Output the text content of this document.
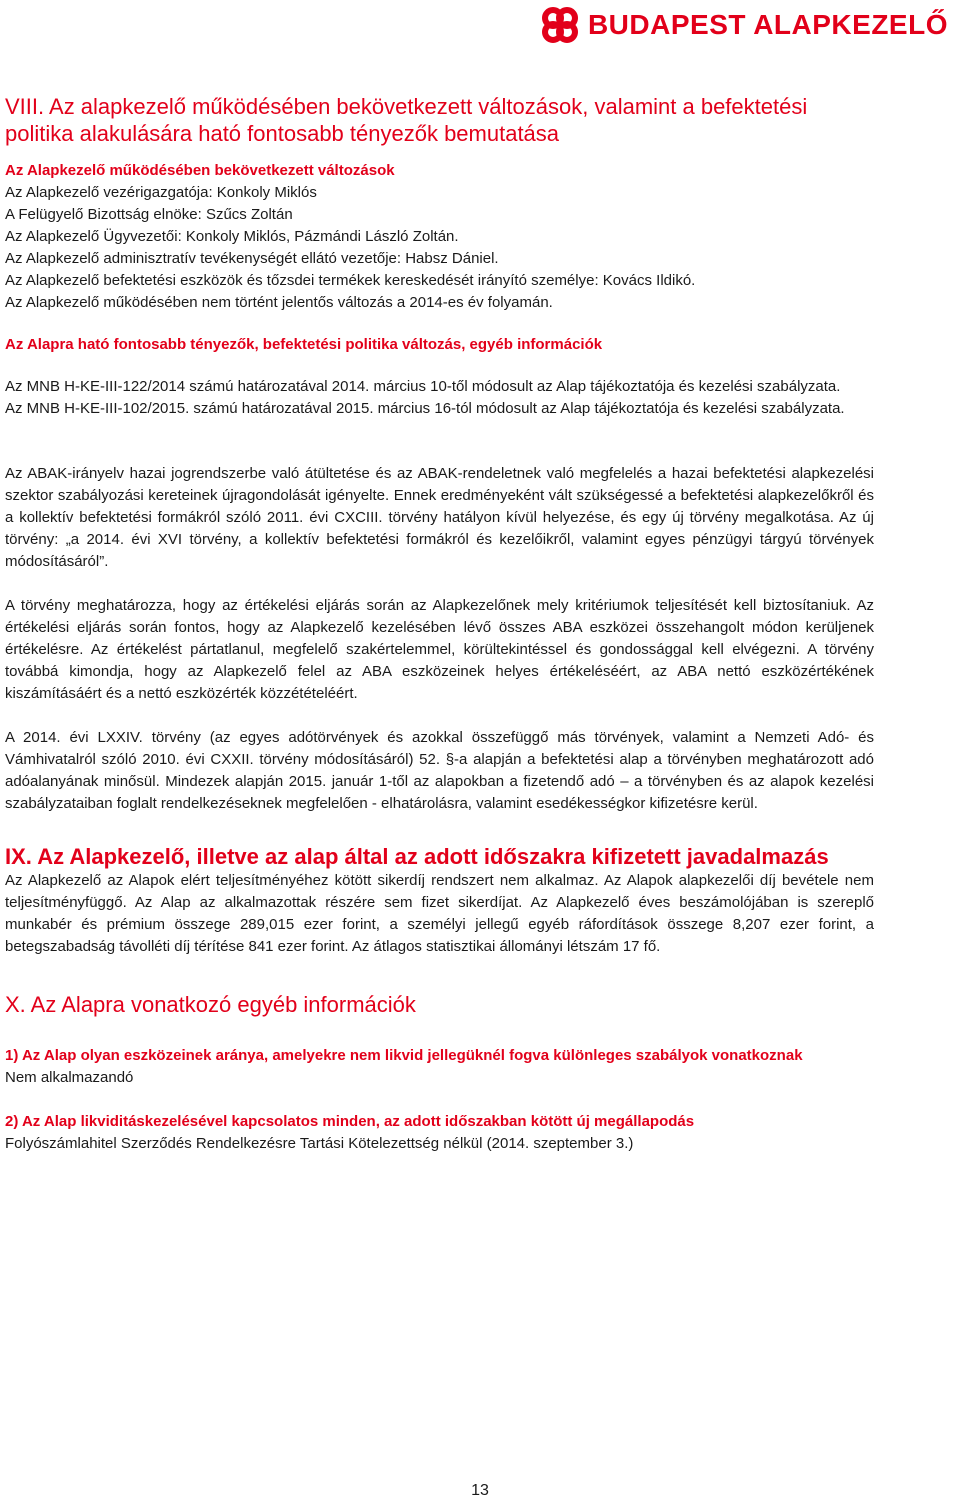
BUDAPEST ALAPKEZELŐ
VIII. Az alapkezelő működésében bekövetkezett változások, valamint a befektetési politika alakulására ható fontosabb tényezők bemutatása

Az Alapkezelő működésében bekövetkezett változások

Az Alapkezelő vezérigazgatója: Konkoly Miklós

A Felügyelő Bizottság elnöke: Szűcs Zoltán

Az Alapkezelő Ügyvezetői: Konkoly Miklós, Pázmándi László Zoltán.

Az Alapkezelő adminisztratív tevékenységét ellátó vezetője: Habsz Dániel.

Az Alapkezelő befektetési eszközök és tőzsdei termékek kereskedését irányító személye: Kovács Ildikó.

Az Alapkezelő működésében nem történt jelentős változás a 2014-es év folyamán.

Az Alapra ható fontosabb tényezők, befektetési politika változás, egyéb információk

Az MNB H-KE-III-122/2014 számú határozatával 2014. március 10-től módosult az Alap tájékoztatója és kezelési szabályzata.

Az MNB H-KE-III-102/2015. számú határozatával 2015. március 16-tól módosult az Alap tájékoztatója és kezelési szabályzata.

Az ABAK-irányelv hazai jogrendszerbe való átültetése és az ABAK-rendeletnek való megfelelés a hazai befektetési alapkezelési szektor szabályozási kereteinek újragondolását igényelte. Ennek eredményeként vált szükségessé a befektetési alapkezelőkről és a kollektív befektetési formákról szóló 2011. évi CXCIII. törvény hatályon kívül helyezése, és egy új törvény megalkotása. Az új törvény: „a 2014. évi XVI törvény, a kollektív befektetési formákról és kezelőikről, valamint egyes pénzügyi tárgyú törvények módosításáról”.

A törvény meghatározza, hogy az értékelési eljárás során az Alapkezelőnek mely kritériumok teljesítését kell biztosítaniuk. Az értékelési eljárás során fontos, hogy az Alapkezelő kezelésében lévő összes ABA eszközei összehangolt módon kerüljenek értékelésre. Az értékelést pártatlanul, megfelelő szakértelemmel, körültekintéssel és gondossággal kell elvégezni. A törvény továbbá kimondja, hogy az Alapkezelő felel az ABA eszközeinek helyes értékeléséért, az ABA nettó eszközértékének kiszámításáért és a nettó eszközérték közzétételéért.

A 2014. évi LXXIV. törvény (az egyes adótörvények és azokkal összefüggő más törvények, valamint a Nemzeti Adó- és Vámhivatalról szóló 2010. évi CXXII. törvény módosításáról) 52. §-a alapján a befektetési alap a törvényben meghatározott adó adóalanyának minősül. Mindezek alapján 2015. január 1-től az alapokban a fizetendő adó – a törvényben és az alapok kezelési szabályzataiban foglalt rendelkezéseknek megfelelően - elhatárolásra, valamint esedékességkor kifizetésre kerül.

IX. Az Alapkezelő, illetve az alap által az adott időszakra kifizetett javadalmazás

Az Alapkezelő az Alapok elért teljesítményéhez kötött sikerdíj rendszert nem alkalmaz. Az Alapok alapkezelői díj bevétele nem teljesítményfüggő. Az Alap az alkalmazottak részére sem fizet sikerdíjat. Az Alapkezelő éves beszámolójában is szereplő munkabér és prémium összege 289,015 ezer forint, a személyi jellegű egyéb ráfordítások összege 8,207 ezer forint, a betegszabadság távolléti díj térítése 841 ezer forint. Az átlagos statisztikai állományi létszám 17 fő.

X. Az Alapra vonatkozó egyéb információk

1) Az Alap olyan eszközeinek aránya, amelyekre nem likvid jellegüknél fogva különleges szabályok vonatkoznak

Nem alkalmazandó

2) Az Alap likviditáskezelésével kapcsolatos minden, az adott időszakban kötött új megállapodás

Folyószámlahitel Szerződés Rendelkezésre Tartási Kötelezettség nélkül (2014. szeptember 3.)

13
